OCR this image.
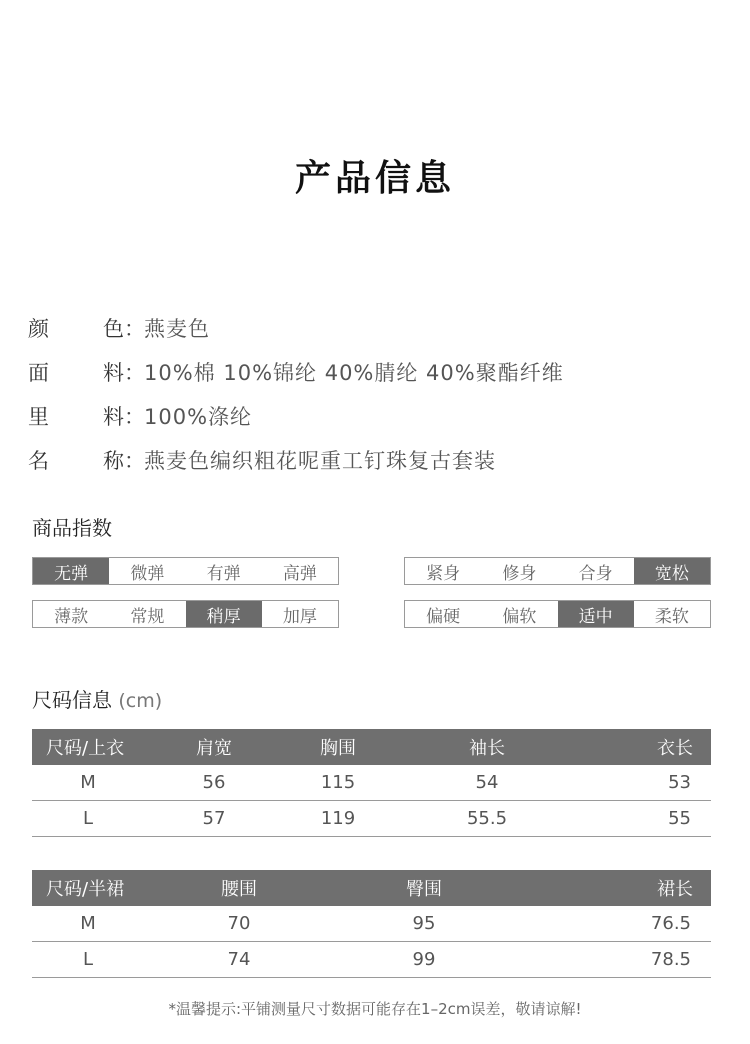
产品信息
颜	色 ： 燕麦色
面	料 ： 10%棉 10%锦纶 40%腈纶 40%聚酯纤维
里	料 ： 100%涤纶
名	称 ： 燕麦色编织粗花呢重工钉珠复古套装
商品指数
无弹	微弹	有弹	高弹	紧身	修身	合身	宽松
薄款	常规	稍厚	加厚	偏硬	偏软	适中	柔软
尺码信息 (cm)
尺码/上衣	肩宽	胸围	袖长	衣长
M	56	115	54	53
L	57	119	55.5	55
尺码/半裙	腰围	臀围	裙长
M	70	95	76.5
L	74	99	78.5
*温馨提示:平铺测量尺寸数据可能存在1–2cm误差，敬请谅解!
